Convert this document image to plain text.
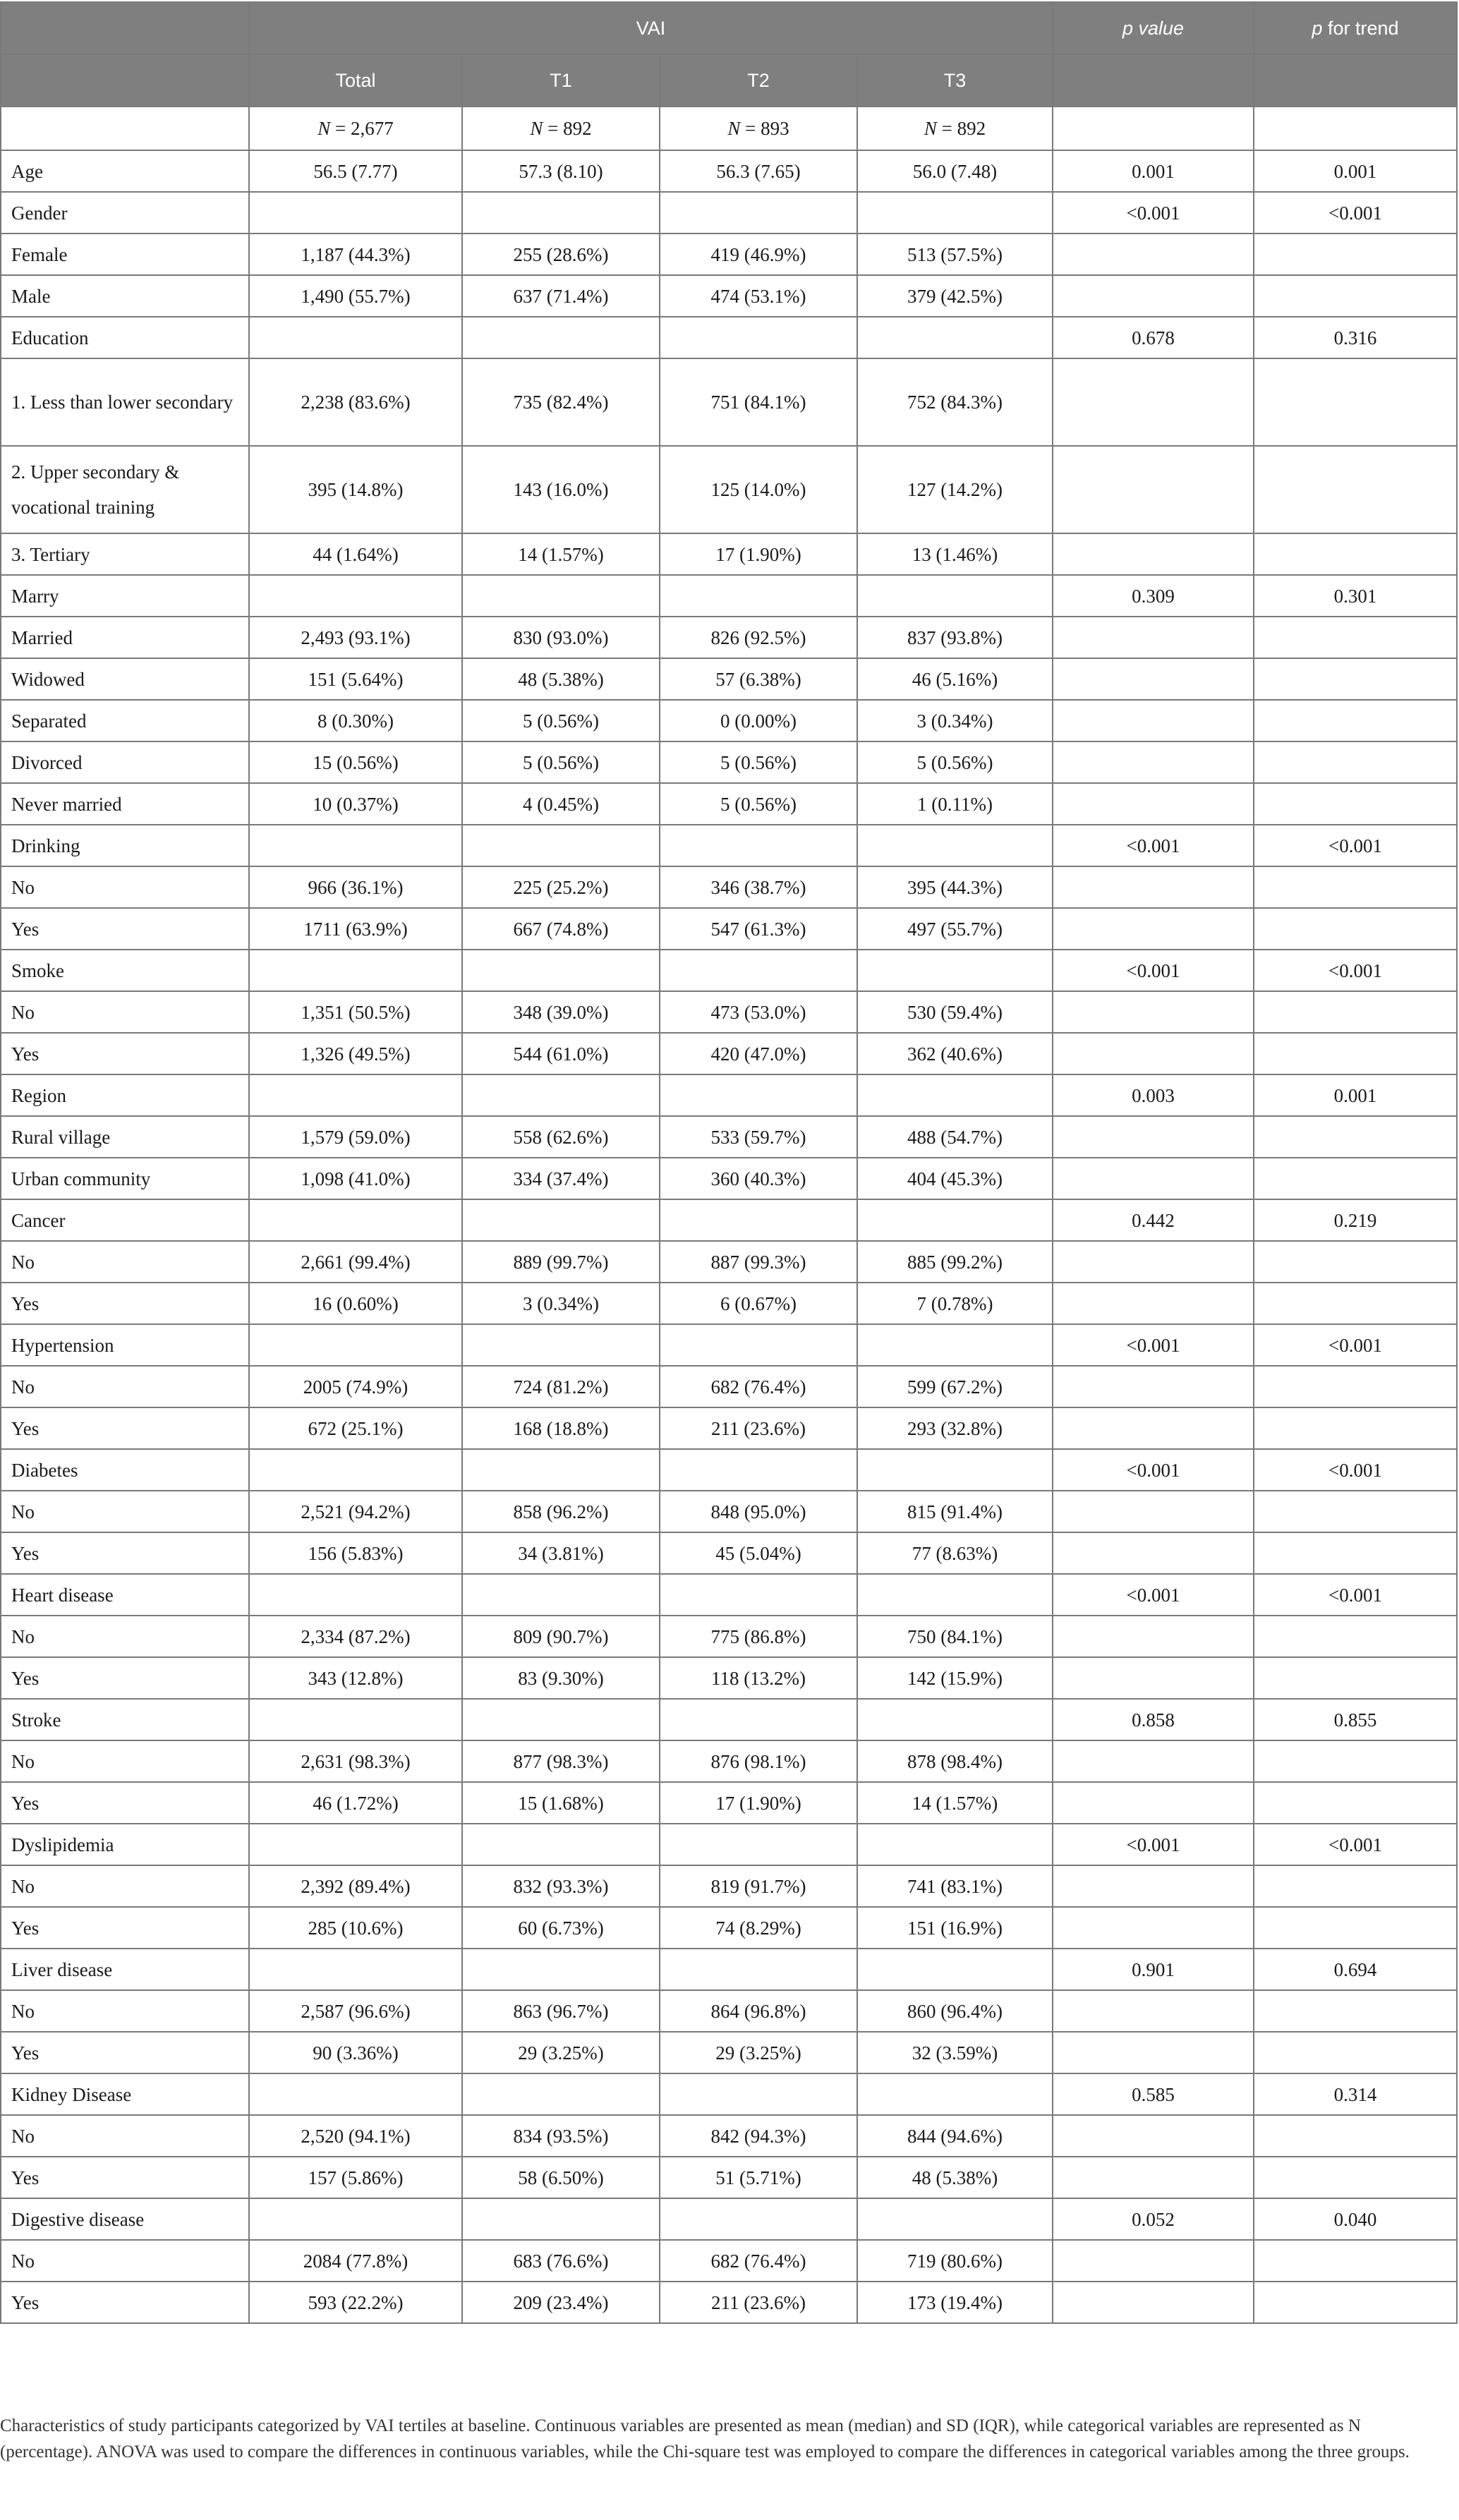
	VAI				p value	p for trend
	Total	T1	T2	T3		
	N = 2,677	N = 892	N = 893	N = 892		
Age	56.5 (7.77)	57.3 (8.10)	56.3 (7.65)	56.0 (7.48)	0.001	0.001
Gender					<0.001	<0.001
Female	1,187 (44.3%)	255 (28.6%)	419 (46.9%)	513 (57.5%)		
Male	1,490 (55.7%)	637 (71.4%)	474 (53.1%)	379 (42.5%)		
Education					0.678	0.316
1. Less than lower secondary	2,238 (83.6%)	735 (82.4%)	751 (84.1%)	752 (84.3%)		
2. Upper secondary & vocational training	395 (14.8%)	143 (16.0%)	125 (14.0%)	127 (14.2%)		
3. Tertiary	44 (1.64%)	14 (1.57%)	17 (1.90%)	13 (1.46%)		
Marry					0.309	0.301
Married	2,493 (93.1%)	830 (93.0%)	826 (92.5%)	837 (93.8%)		
Widowed	151 (5.64%)	48 (5.38%)	57 (6.38%)	46 (5.16%)		
Separated	8 (0.30%)	5 (0.56%)	0 (0.00%)	3 (0.34%)		
Divorced	15 (0.56%)	5 (0.56%)	5 (0.56%)	5 (0.56%)		
Never married	10 (0.37%)	4 (0.45%)	5 (0.56%)	1 (0.11%)		
Drinking					<0.001	<0.001
No	966 (36.1%)	225 (25.2%)	346 (38.7%)	395 (44.3%)		
Yes	1711 (63.9%)	667 (74.8%)	547 (61.3%)	497 (55.7%)		
Smoke					<0.001	<0.001
No	1,351 (50.5%)	348 (39.0%)	473 (53.0%)	530 (59.4%)		
Yes	1,326 (49.5%)	544 (61.0%)	420 (47.0%)	362 (40.6%)		
Region					0.003	0.001
Rural village	1,579 (59.0%)	558 (62.6%)	533 (59.7%)	488 (54.7%)		
Urban community	1,098 (41.0%)	334 (37.4%)	360 (40.3%)	404 (45.3%)		
Cancer					0.442	0.219
No	2,661 (99.4%)	889 (99.7%)	887 (99.3%)	885 (99.2%)		
Yes	16 (0.60%)	3 (0.34%)	6 (0.67%)	7 (0.78%)		
Hypertension					<0.001	<0.001
No	2005 (74.9%)	724 (81.2%)	682 (76.4%)	599 (67.2%)		
Yes	672 (25.1%)	168 (18.8%)	211 (23.6%)	293 (32.8%)		
Diabetes					<0.001	<0.001
No	2,521 (94.2%)	858 (96.2%)	848 (95.0%)	815 (91.4%)		
Yes	156 (5.83%)	34 (3.81%)	45 (5.04%)	77 (8.63%)		
Heart disease					<0.001	<0.001
No	2,334 (87.2%)	809 (90.7%)	775 (86.8%)	750 (84.1%)		
Yes	343 (12.8%)	83 (9.30%)	118 (13.2%)	142 (15.9%)		
Stroke					0.858	0.855
No	2,631 (98.3%)	877 (98.3%)	876 (98.1%)	878 (98.4%)		
Yes	46 (1.72%)	15 (1.68%)	17 (1.90%)	14 (1.57%)		
Dyslipidemia					<0.001	<0.001
No	2,392 (89.4%)	832 (93.3%)	819 (91.7%)	741 (83.1%)		
Yes	285 (10.6%)	60 (6.73%)	74 (8.29%)	151 (16.9%)		
Liver disease					0.901	0.694
No	2,587 (96.6%)	863 (96.7%)	864 (96.8%)	860 (96.4%)		
Yes	90 (3.36%)	29 (3.25%)	29 (3.25%)	32 (3.59%)		
Kidney Disease					0.585	0.314
No	2,520 (94.1%)	834 (93.5%)	842 (94.3%)	844 (94.6%)		
Yes	157 (5.86%)	58 (6.50%)	51 (5.71%)	48 (5.38%)		
Digestive disease					0.052	0.040
No	2084 (77.8%)	683 (76.6%)	682 (76.4%)	719 (80.6%)		
Yes	593 (22.2%)	209 (23.4%)	211 (23.6%)	173 (19.4%)		
Characteristics of study participants categorized by VAI tertiles at baseline. Continuous variables are presented as mean (median) and SD (IQR), while categorical variables are represented as N (percentage). ANOVA was used to compare the differences in continuous variables, while the Chi-square test was employed to compare the differences in categorical variables among the three groups.
